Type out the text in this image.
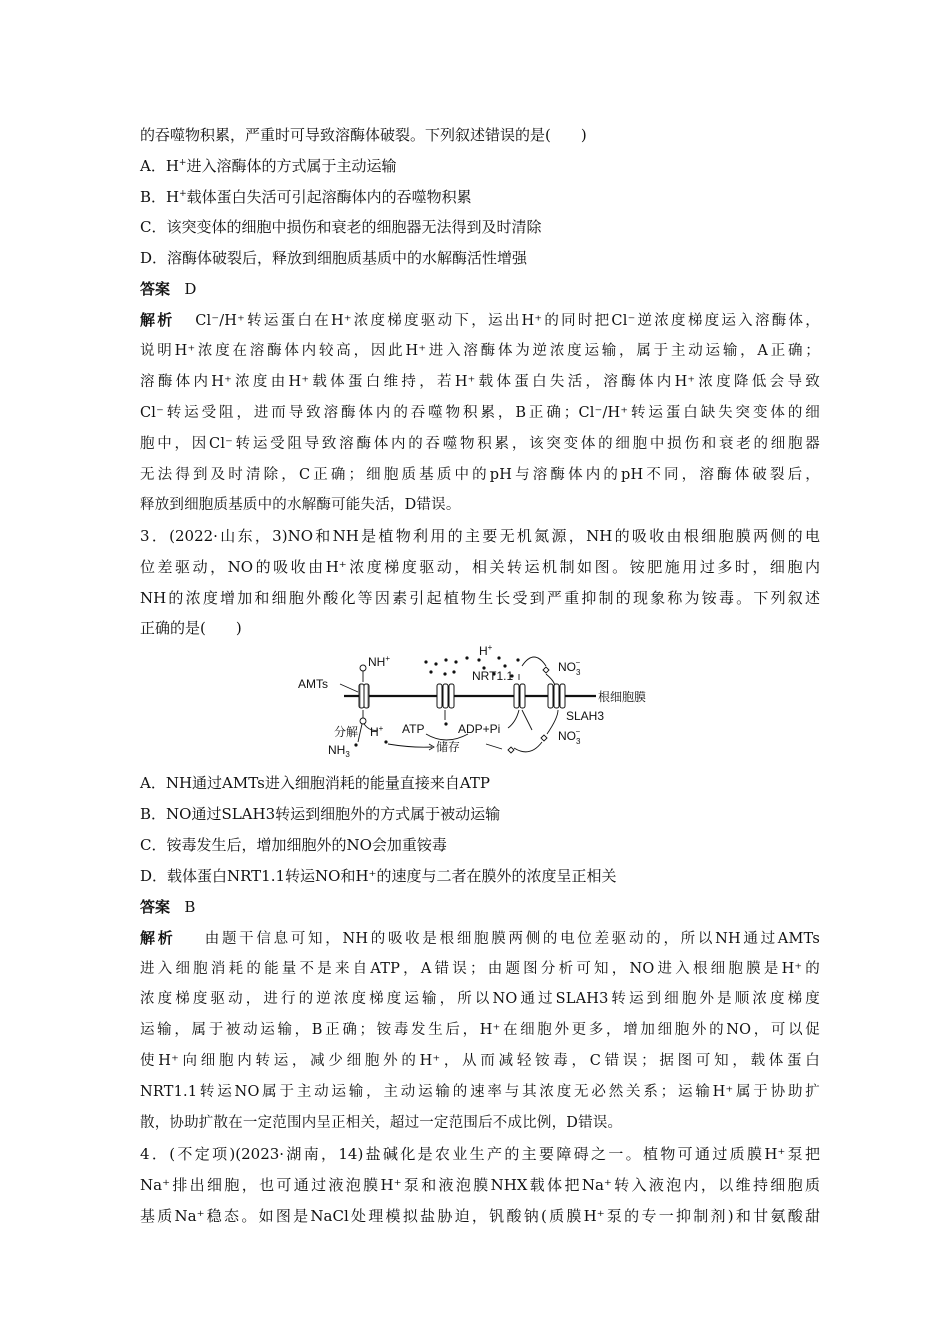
的吞噬物积累，严重时可导致溶酶体破裂。下列叙述错误的是(　　)
A．H+进入溶酶体的方式属于主动运输
B．H+载体蛋白失活可引起溶酶体内的吞噬物积累
C．该突变体的细胞中损伤和衰老的细胞器无法得到及时清除
D．溶酶体破裂后，释放到细胞质基质中的水解酶活性增强
答案 D
解析 Cl⁻/H⁺转运蛋白在H⁺浓度梯度驱动下，运出H⁺的同时把Cl⁻逆浓度梯度运入溶酶体，
说明H⁺浓度在溶酶体内较高，因此H⁺进入溶酶体为逆浓度运输，属于主动运输，A正确；
溶酶体内H⁺浓度由H⁺载体蛋白维持，若H⁺载体蛋白失活，溶酶体内H⁺浓度降低会导致
Cl⁻转运受阻，进而导致溶酶体内的吞噬物积累，B正确；Cl⁻/H⁺转运蛋白缺失突变体的细
胞中，因Cl⁻转运受阻导致溶酶体内的吞噬物积累，该突变体的细胞中损伤和衰老的细胞器
无法得到及时清除，C正确；细胞质基质中的pH与溶酶体内的pH不同，溶酶体破裂后，
释放到细胞质基质中的水解酶可能失活，D错误。
3．(2022·山东，3)NO和NH是植物利用的主要无机氮源，NH的吸收由根细胞膜两侧的电
位差驱动，NO的吸收由H⁺浓度梯度驱动，相关转运机制如图。铵肥施用过多时，细胞内
NH的浓度增加和细胞外酸化等因素引起植物生长受到严重抑制的现象称为铵毒。下列叙述
正确的是(　　)
AMTs
NH+
分解
$NH_3$
H+ ATP	ADP+Pi
储存
H+
NRT1.1
$NO_3-$
SLAH3
根细胞膜
$NO_3-$
A．NH通过AMTs进入细胞消耗的能量直接来自ATP
B．NO通过SLAH3转运到细胞外的方式属于被动运输
C．铵毒发生后，增加细胞外的NO会加重铵毒
D．载体蛋白NRT1.1转运NO和H⁺的速度与二者在膜外的浓度呈正相关
答案 B
解析 由题干信息可知，NH的吸收是根细胞膜两侧的电位差驱动的，所以NH通过AMTs
进入细胞消耗的能量不是来自ATP，A错误；由题图分析可知，NO进入根细胞膜是H⁺的
浓度梯度驱动，进行的逆浓度梯度运输，所以NO通过SLAH3转运到细胞外是顺浓度梯度
运输，属于被动运输，B正确；铵毒发生后，H⁺在细胞外更多，增加细胞外的NO，可以促
使H⁺向细胞内转运，减少细胞外的H⁺，从而减轻铵毒，C错误；据图可知，载体蛋白
NRT1.1转运NO属于主动运输，主动运输的速率与其浓度无必然关系；运输H⁺属于协助扩
散，协助扩散在一定范围内呈正相关，超过一定范围后不成比例，D错误。
4．(不定项)(2023·湖南，14)盐碱化是农业生产的主要障碍之一。植物可通过质膜H⁺泵把
Na⁺排出细胞，也可通过液泡膜H⁺泵和液泡膜NHX载体把Na⁺转入液泡内，以维持细胞质
基质Na⁺稳态。如图是NaCl处理模拟盐胁迫，钒酸钠(质膜H⁺泵的专一抑制剂)和甘氨酸甜
